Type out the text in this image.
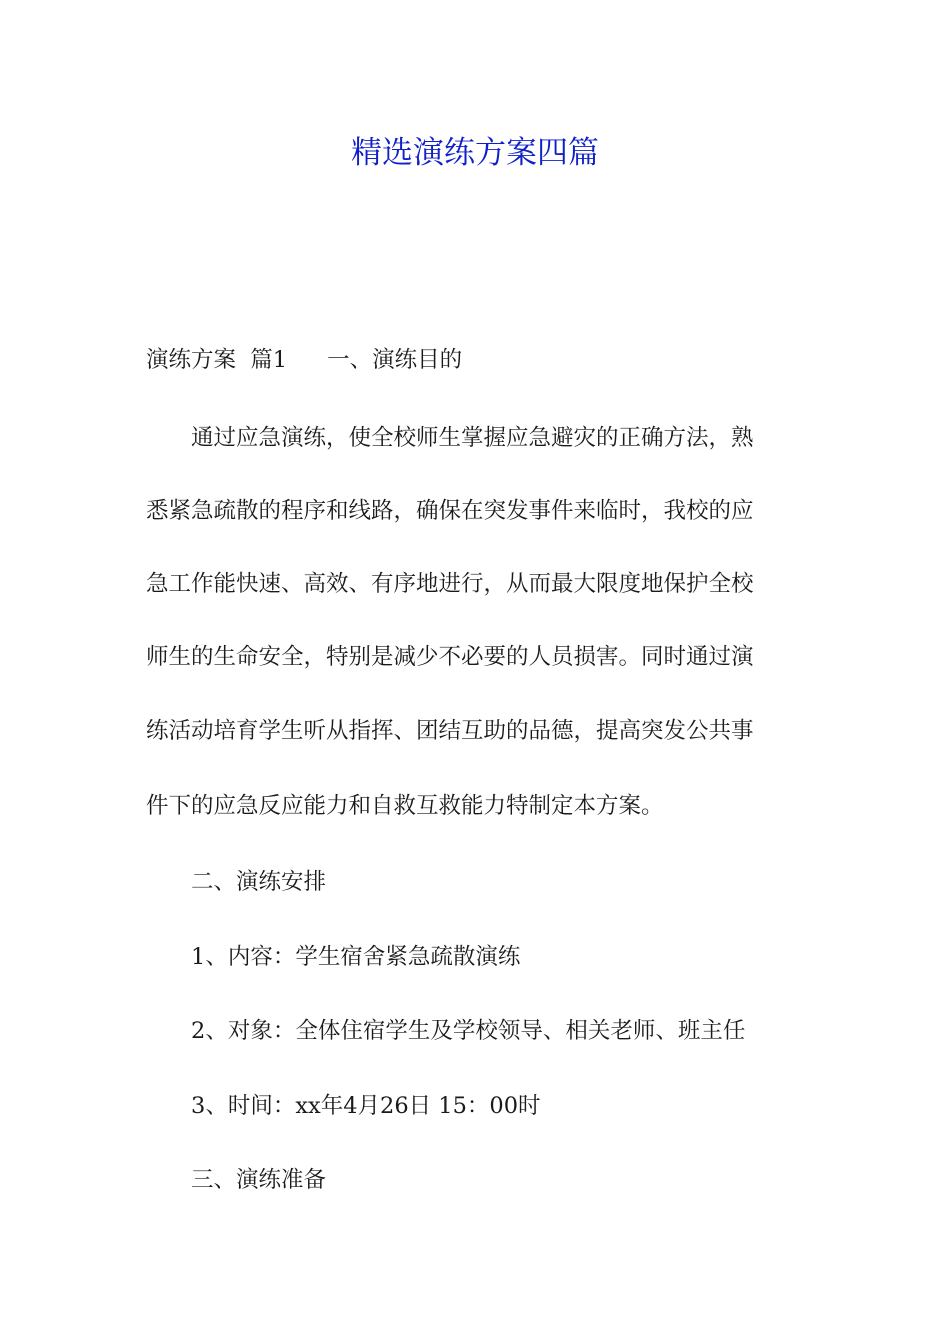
精选演练方案四篇
演练方案  篇1 一、演练目的
通过应急演练，使全校师生掌握应急避灾的正确方法，熟
悉紧急疏散的程序和线路，确保在突发事件来临时，我校的应
急工作能快速、高效、有序地进行，从而最大限度地保护全校
师生的生命安全，特别是减少不必要的人员损害。同时通过演
练活动培育学生听从指挥、团结互助的品德，提高突发公共事
件下的应急反应能力和自救互救能力特制定本方案。
二、演练安排
1、内容：学生宿舍紧急疏散演练
2、对象：全体住宿学生及学校领导、相关老师、班主任
3、时间：xx年4月26日 15：00时
三、演练准备
